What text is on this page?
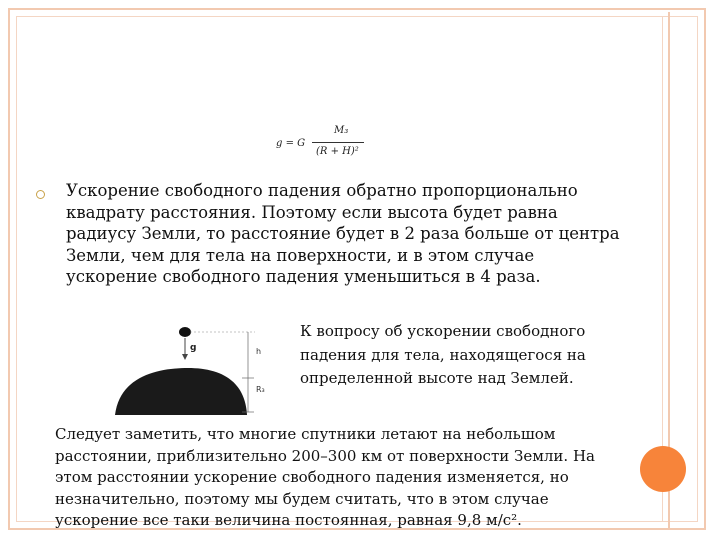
g = G
M₃
(R + H)²
Ускорение свободного падения обратно пропорционально квадрату расстояния. Поэтому если высота будет равна радиусу Земли, то расстояние будет в 2 раза больше от центра Земли, чем для тела на поверхности, и в этом случае ускорение свободного падения уменьшиться в 4 раза.
g	h
R₃
К вопросу об ускорении свободного падения для тела, находящегося на определенной высоте над Землей.
Следует заметить, что многие спутники летают на небольшом расстоянии, приблизительно 200–300 км от поверхности Земли. На этом расстоянии ускорение свободного падения изменяется, но незначительно, поэтому мы будем считать, что в этом случае ускорение все таки величина постоянная, равная 9,8 м/с².
